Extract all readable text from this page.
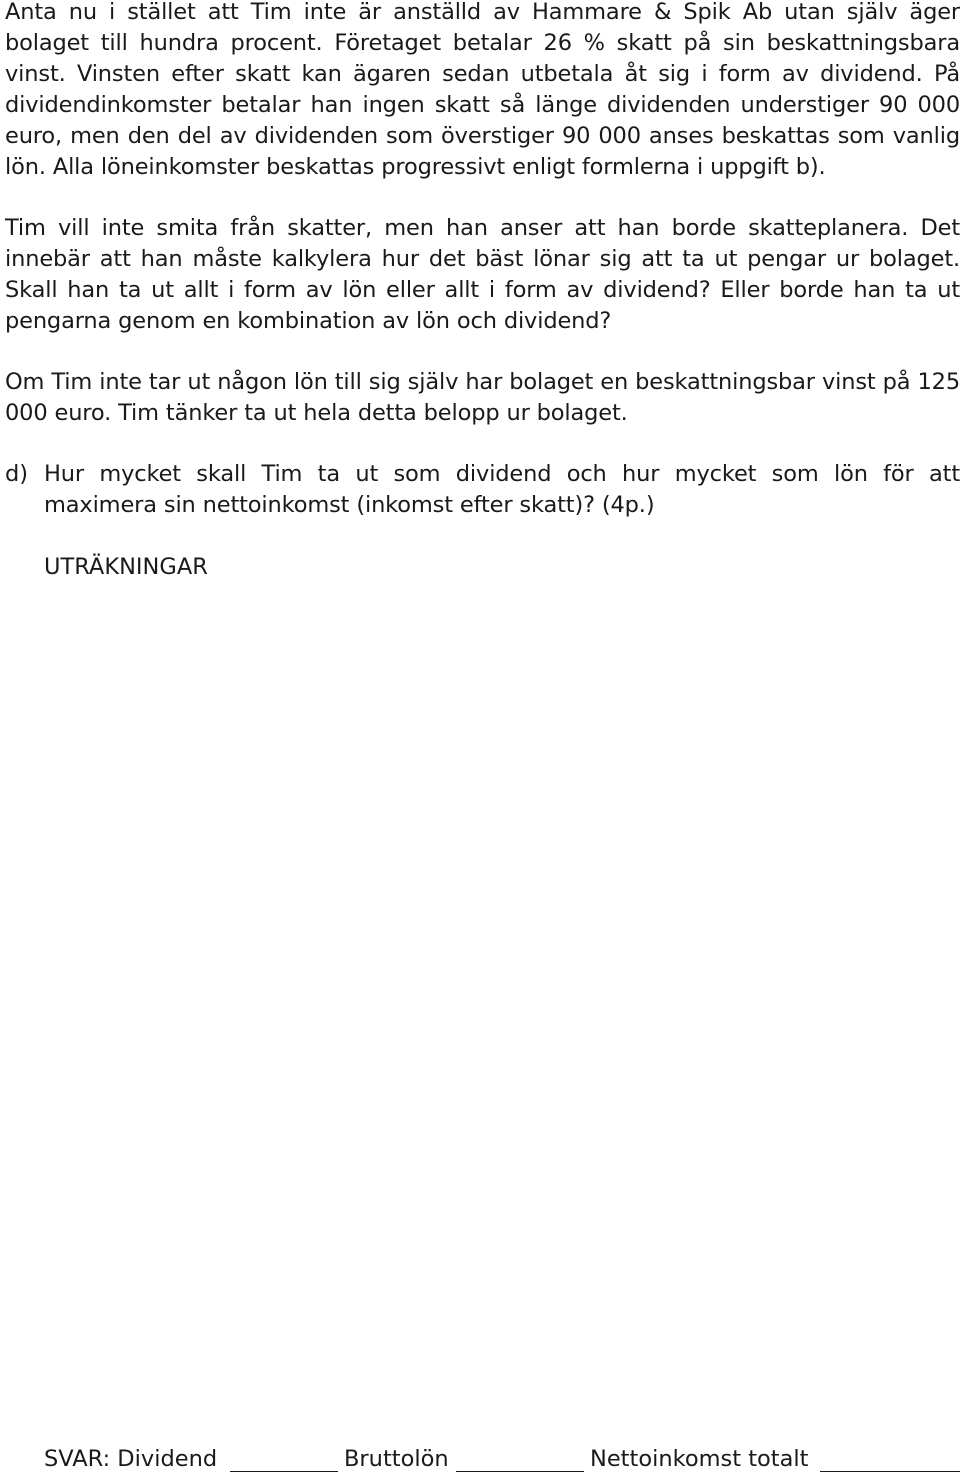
Anta nu i stället att Tim inte är anställd av Hammare & Spik Ab utan själv äger bolaget till hundra procent. Företaget betalar 26 % skatt på sin beskattningsbara vinst. Vinsten efter skatt kan ägaren sedan utbetala åt sig i form av dividend. På dividendinkomster betalar han ingen skatt så länge dividenden understiger 90 000 euro, men den del av dividenden som överstiger 90 000 anses beskattas som vanlig lön. Alla löneinkomster beskattas progressivt enligt formlerna i uppgift b).

Tim vill inte smita från skatter, men han anser att han borde skatteplanera. Det innebär att han måste kalkylera hur det bäst lönar sig att ta ut pengar ur bolaget. Skall han ta ut allt i form av lön eller allt i form av dividend? Eller borde han ta ut pengarna genom en kombination av lön och dividend?

Om Tim inte tar ut någon lön till sig själv har bolaget en beskattningsbar vinst på 125 000 euro. Tim tänker ta ut hela detta belopp ur bolaget.

d) Hur mycket skall Tim ta ut som dividend och hur mycket som lön för att maximera sin nettoinkomst (inkomst efter skatt)? (4p.)
UTRÄKNINGAR
SVAR: Dividend	Bruttolön	Nettoinkomst totalt
